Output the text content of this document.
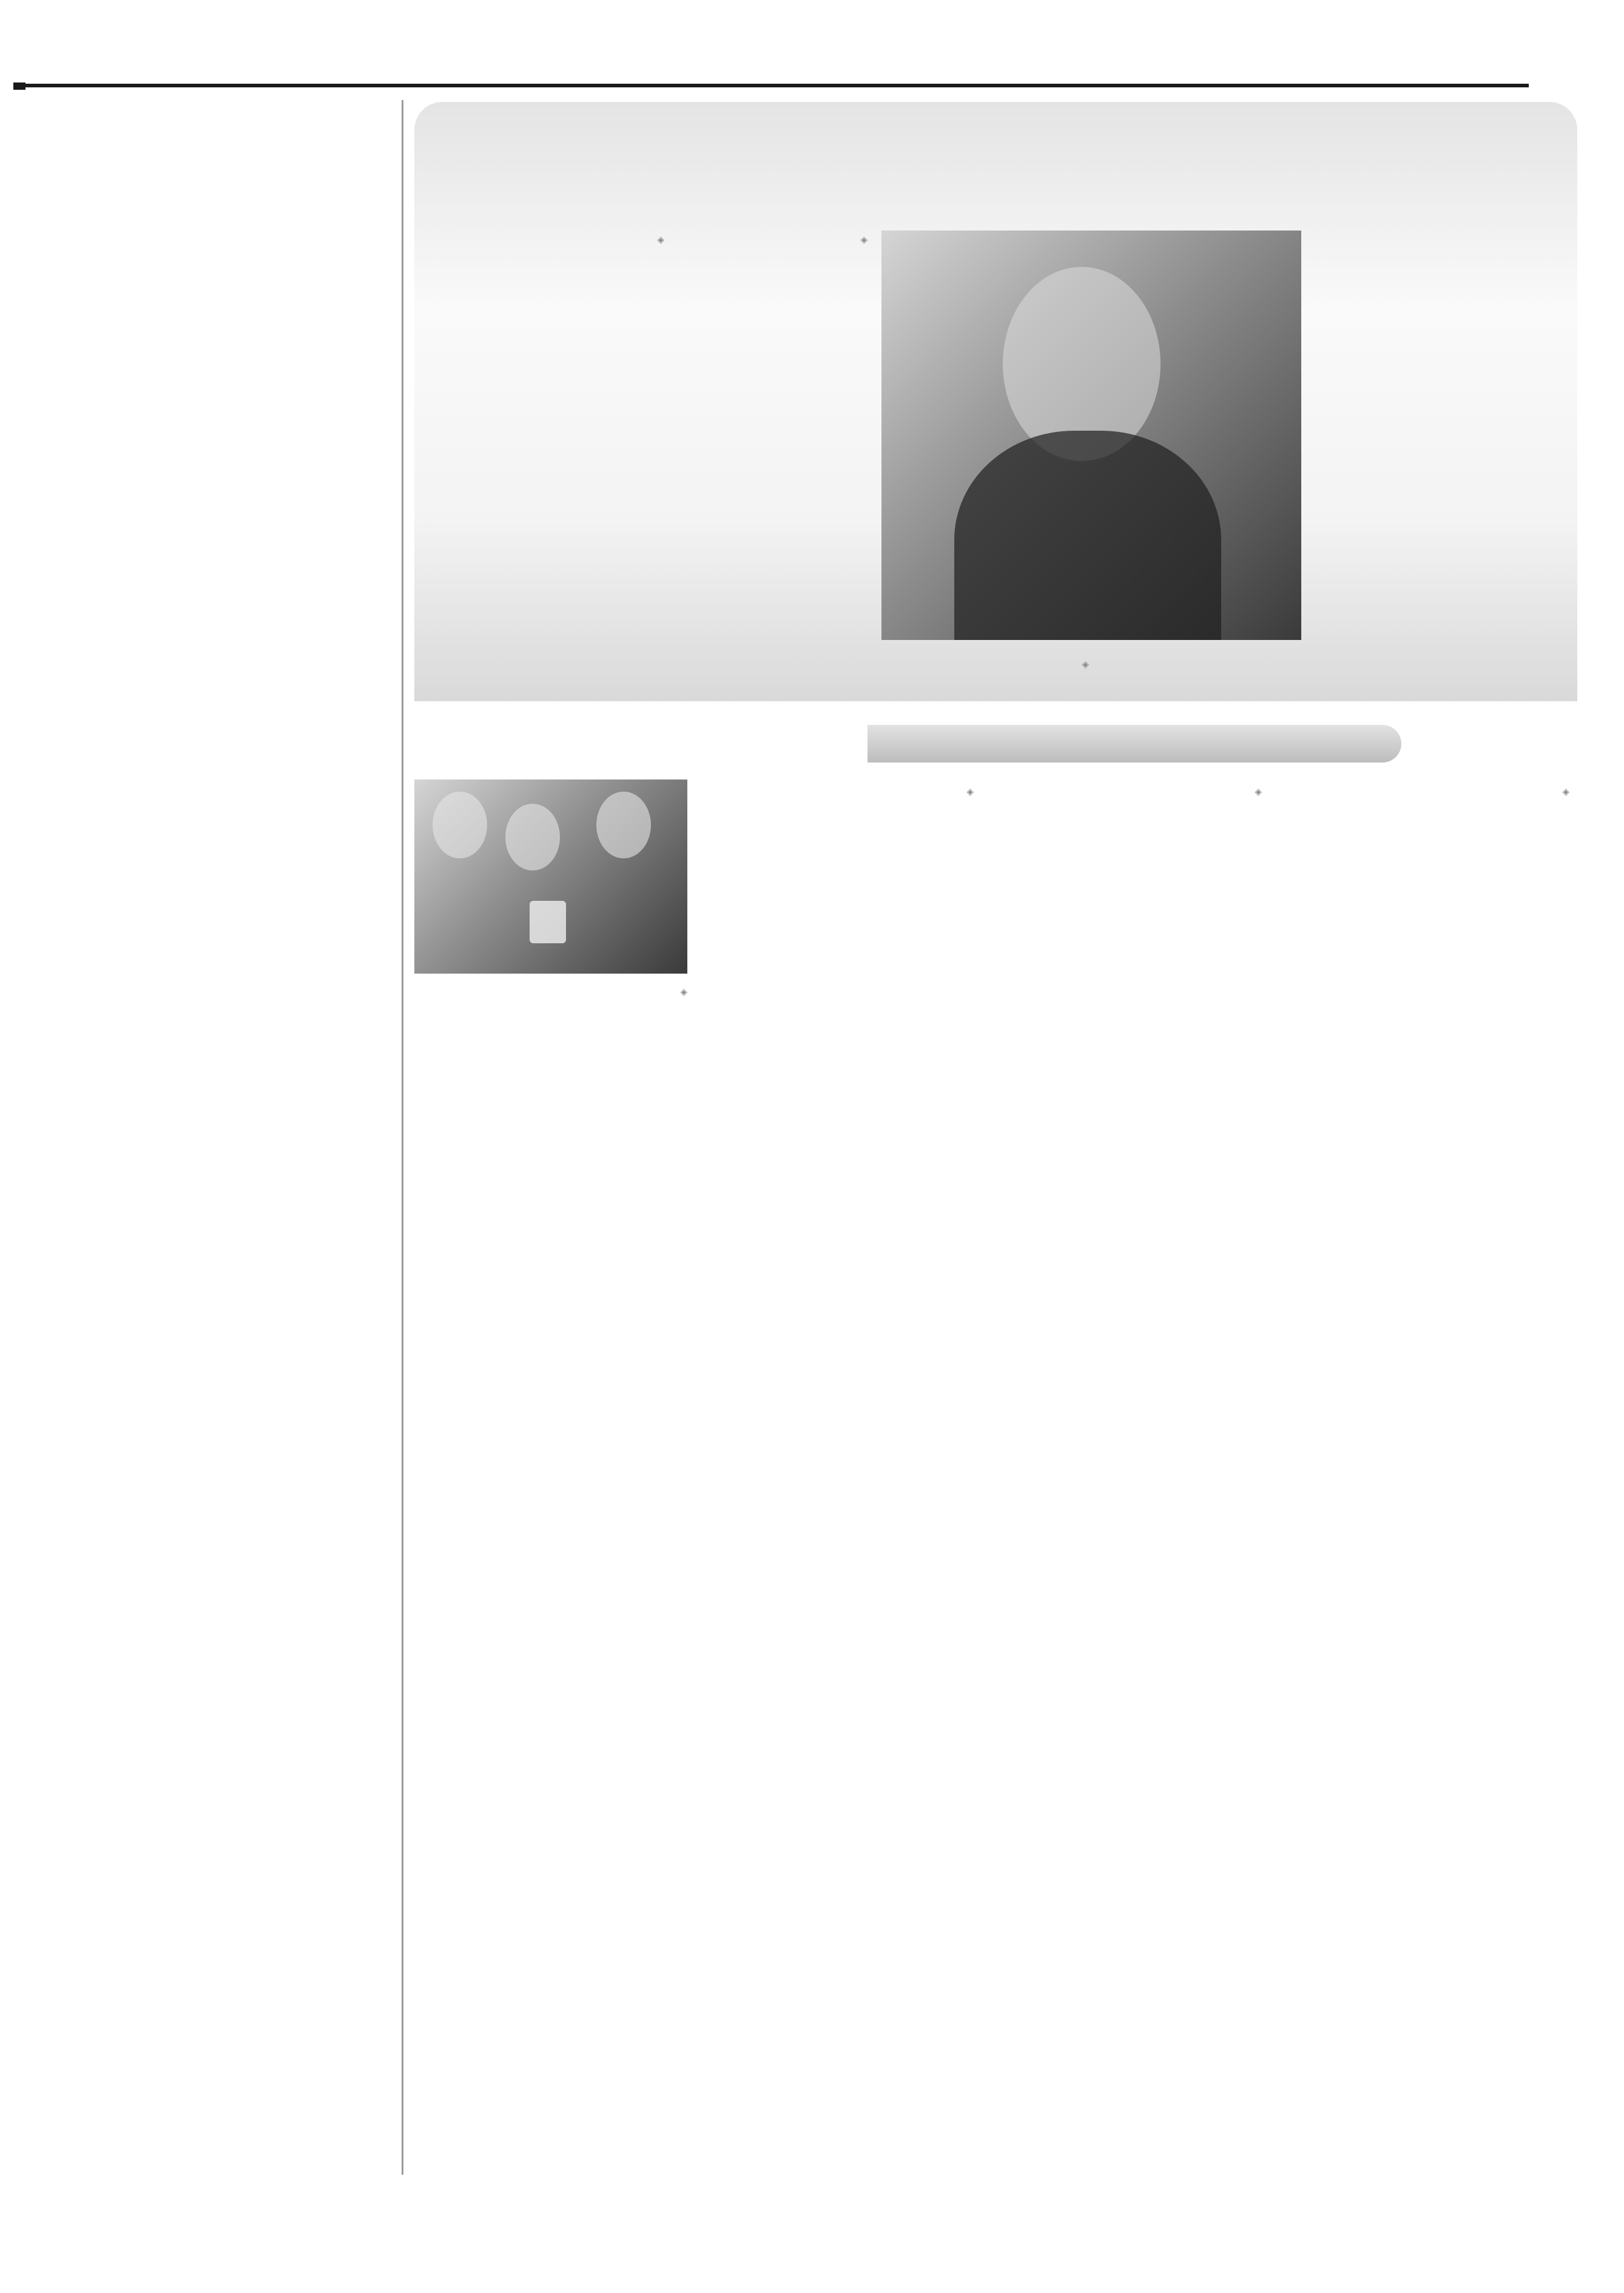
◈

◈

◈

◈

◈

◈

◈
